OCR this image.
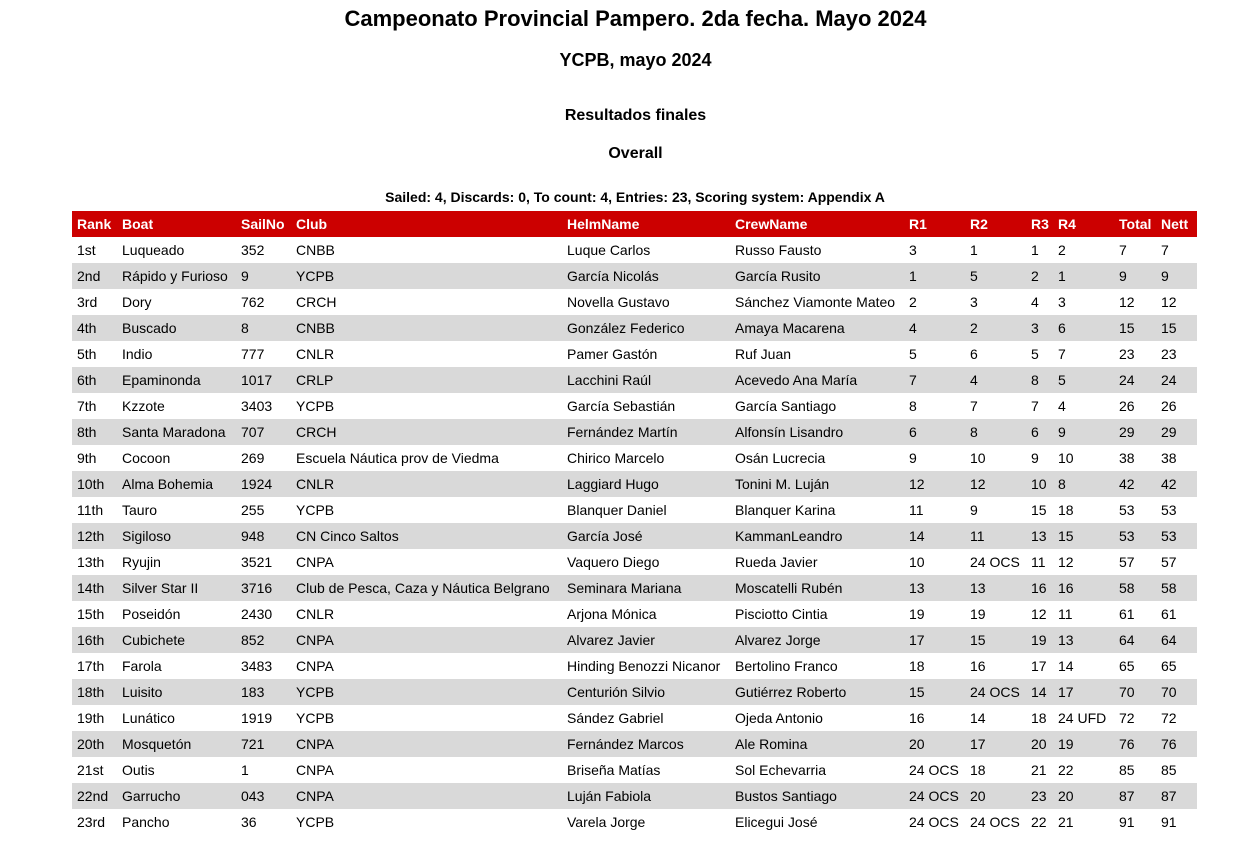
Campeonato Provincial Pampero. 2da fecha. Mayo 2024
YCPB, mayo 2024
Resultados finales
Overall
Sailed: 4, Discards: 0, To count: 4, Entries: 23, Scoring system: Appendix A
Rank	Boat	SailNo	Club	HelmName	CrewName	R1	R2	R3	R4	Total	Nett
1st	Luqueado	352	CNBB	Luque Carlos	Russo Fausto	3	1	1	2	7	7
2nd	Rápido y Furioso	9	YCPB	García Nicolás	García Rusito	1	5	2	1	9	9
3rd	Dory	762	CRCH	Novella Gustavo	Sánchez Viamonte Mateo	2	3	4	3	12	12
4th	Buscado	8	CNBB	González Federico	Amaya Macarena	4	2	3	6	15	15
5th	Indio	777	CNLR	Pamer Gastón	Ruf Juan	5	6	5	7	23	23
6th	Epaminonda	1017	CRLP	Lacchini Raúl	Acevedo Ana María	7	4	8	5	24	24
7th	Kzzote	3403	YCPB	García Sebastián	García Santiago	8	7	7	4	26	26
8th	Santa Maradona	707	CRCH	Fernández Martín	Alfonsín Lisandro	6	8	6	9	29	29
9th	Cocoon	269	Escuela Náutica prov de Viedma	Chirico Marcelo	Osán Lucrecia	9	10	9	10	38	38
10th	Alma Bohemia	1924	CNLR	Laggiard Hugo	Tonini M. Luján	12	12	10	8	42	42
11th	Tauro	255	YCPB	Blanquer Daniel	Blanquer Karina	11	9	15	18	53	53
12th	Sigiloso	948	CN Cinco Saltos	García José	KammanLeandro	14	11	13	15	53	53
13th	Ryujin	3521	CNPA	Vaquero Diego	Rueda Javier	10	24 OCS	11	12	57	57
14th	Silver Star II	3716	Club de Pesca, Caza y Náutica Belgrano	Seminara Mariana	Moscatelli Rubén	13	13	16	16	58	58
15th	Poseidón	2430	CNLR	Arjona Mónica	Pisciotto Cintia	19	19	12	11	61	61
16th	Cubichete	852	CNPA	Alvarez Javier	Alvarez Jorge	17	15	19	13	64	64
17th	Farola	3483	CNPA	Hinding Benozzi Nicanor	Bertolino Franco	18	16	17	14	65	65
18th	Luisito	183	YCPB	Centurión Silvio	Gutiérrez Roberto	15	24 OCS	14	17	70	70
19th	Lunático	1919	YCPB	Sández Gabriel	Ojeda Antonio	16	14	18	24 UFD	72	72
20th	Mosquetón	721	CNPA	Fernández Marcos	Ale Romina	20	17	20	19	76	76
21st	Outis	1	CNPA	Briseña Matías	Sol Echevarria	24 OCS	18	21	22	85	85
22nd	Garrucho	043	CNPA	Luján Fabiola	Bustos Santiago	24 OCS	20	23	20	87	87
23rd	Pancho	36	YCPB	Varela Jorge	Elicegui José	24 OCS	24 OCS	22	21	91	91
